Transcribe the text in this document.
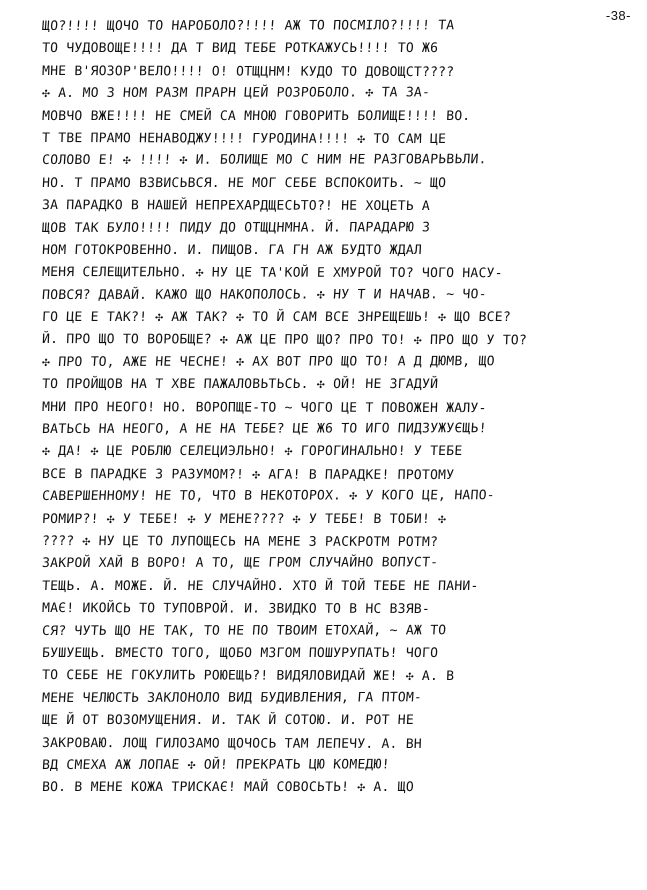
-38-
ЩО?!!!! ЩОЧО ТО НАРОБОЛО?!!!! АЖ ТО ПОСМІЛО?!!!! ТА
ТО ЧУДОВОЩЕ!!!! ДА Т ВИД ТЕБЕ РОТКАЖУСЬ!!!! ТО Ж6
МНЕ В'ЯОЗОР'ВЕЛО!!!! О! ОТЩЦНМ! КУДО ТО ДОВОЩСТ????
✣ А. МО З НОМ РАЗМ ПРАРН ЦЕЙ РОЗРОБОЛО. ✣ ТА ЗА-
МОВЧО ВЖЕ!!!! НЕ СМЕЙ СА МНОЮ ГОВОРИТЬ БОЛИЩЕ!!!! ВО.
Т ТВЕ ПРАМО НЕНАВОДЖУ!!!! ГУРОДИНА!!!! ✣ ТО САМ ЦЕ
СОЛОВО Е! ✣ !!!! ✣ И. БОЛИЩЕ МО С НИМ НЕ РАЗГОВАРЬВЬЛИ.
НО. Т ПРАМО ВЗВИСЬВСЯ. НЕ МОГ СЕБЕ ВСПОКОИТЬ. ~ ЩО
ЗА ПАРАДКО В НАШЕЙ НЕПРЕХАРДЩЕСЬТО?! НЕ ХОЦЕТЬ А
ЩОВ ТАК БУЛО!!!! ПИДУ ДО ОТЩЦНМНА. Й. ПАРАДАРЮ З
НОМ ГОТОКРОВЕННО. И. ПИЩОВ. ГА ГН АЖ БУДТО ЖДАЛ
МЕНЯ СЕЛЕЩИТЕЛЬНО. ✣ НУ ЦЕ ТА'КОЙ Е ХМУРОЙ ТО? ЧОГО НАСУ-
ПОВСЯ? ДАВАЙ. КАЖО ЩО НАКОПОЛОСЬ. ✣ НУ Т И НАЧАВ. ~ ЧО-
ГО ЦЕ Е ТАК?! ✣ АЖ ТАК? ✣ ТО Й САМ ВСЕ ЗНРЕЩЕШЬ! ✣ ЩО ВСЕ?
Й. ПРО ЩО ТО ВОРОБЩЕ? ✣ АЖ ЦЕ ПРО ЩО? ПРО ТО! ✣ ПРО ЩО У ТО?
✣ ПРО ТО, АЖЕ НЕ ЧЕСНЕ! ✣ АХ ВОТ ПРО ЩО ТО! А Д ДЮМВ, ЩО
ТО ПРОЙЩОВ НА Т ХВЕ ПАЖАЛОВЬТЬСЬ. ✣ ОЙ! НЕ ЗГАДУЙ
МНИ ПРО НЕОГО! НО. ВОРОПЩЕ-ТО ~ ЧОГО ЦЕ Т ПОВОЖЕН ЖАЛУ-
ВАТЬСЬ НА НЕОГО, А НЕ НА ТЕБЕ? ЦЕ Ж6 ТО ИГО ПИДЗУЖУЄЩЬ!
✣ ДА! ✣ ЦЕ РОБЛЮ СЕЛЕЦИЭЛЬНО! ✣ ГОРОГИНАЛЬНО! У ТЕБЕ
ВСЕ В ПАРАДКЕ З РАЗУМОМ?! ✣ АГА! В ПАРАДКЕ! ПРОТОМУ
САВЕРШЕННОМУ! НЕ ТО, ЧТО В НЕКОТОРОХ. ✣ У КОГО ЦЕ, НАПО-
РОМИР?! ✣ У ТЕБЕ! ✣ У МЕНЕ???? ✣ У ТЕБЕ! В ТОБИ! ✣
???? ✣ НУ ЦЕ ТО ЛУПОЩЕСЬ НА МЕНЕ З РАСКРОТМ РОТМ?
ЗАКРОЙ ХАЙ В ВОРО! А ТО, ЩЕ ГРОМ СЛУЧАЙНО ВОПУСТ-
ТЕЩЬ. А. МОЖЕ. Й. НЕ СЛУЧАЙНО. ХТО Й ТОЙ ТЕБЕ НЕ ПАНИ-
МАЄ! ИКОЙСЬ ТО ТУПОВРОЙ. И. ЗВИДКО ТО В НС ВЗЯВ-
СЯ? ЧУТЬ ЩО НЕ ТАК, ТО НЕ ПО ТВОИМ ЕТОХАЙ, ~ АЖ ТО
БУШУЕЩЬ. ВМЕСТО ТОГО, ЩОБО МЗГОМ ПОШУРУПАТЬ! ЧОГО
ТО СЕБЕ НЕ ГОКУЛИТЬ РОЮЕЩЬ?! ВИДЯЛОВИДАЙ ЖЕ! ✣ А. В
МЕНЕ ЧЕЛЮСТЬ ЗАКЛОНОЛО ВИД БУДИВЛЕНИЯ, ГА ПТОМ-
ЩЕ Й ОТ ВОЗОМУЩЕНИЯ. И. ТАК Й СОТОЮ. И. РОТ НЕ
ЗАКРОВАЮ. ЛОЩ ГИЛОЗАМО ЩОЧОСЬ ТАМ ЛЕПЕЧУ. А. ВН
ВД СМЕХА АЖ ЛОПАЕ ✣ ОЙ! ПРЕКРАТЬ ЦЮ КОМЕДЮ!
ВО. В МЕНЕ КОЖА ТРИСКАЄ! МАЙ СОВОСЬТЬ! ✣ А. ЩО
